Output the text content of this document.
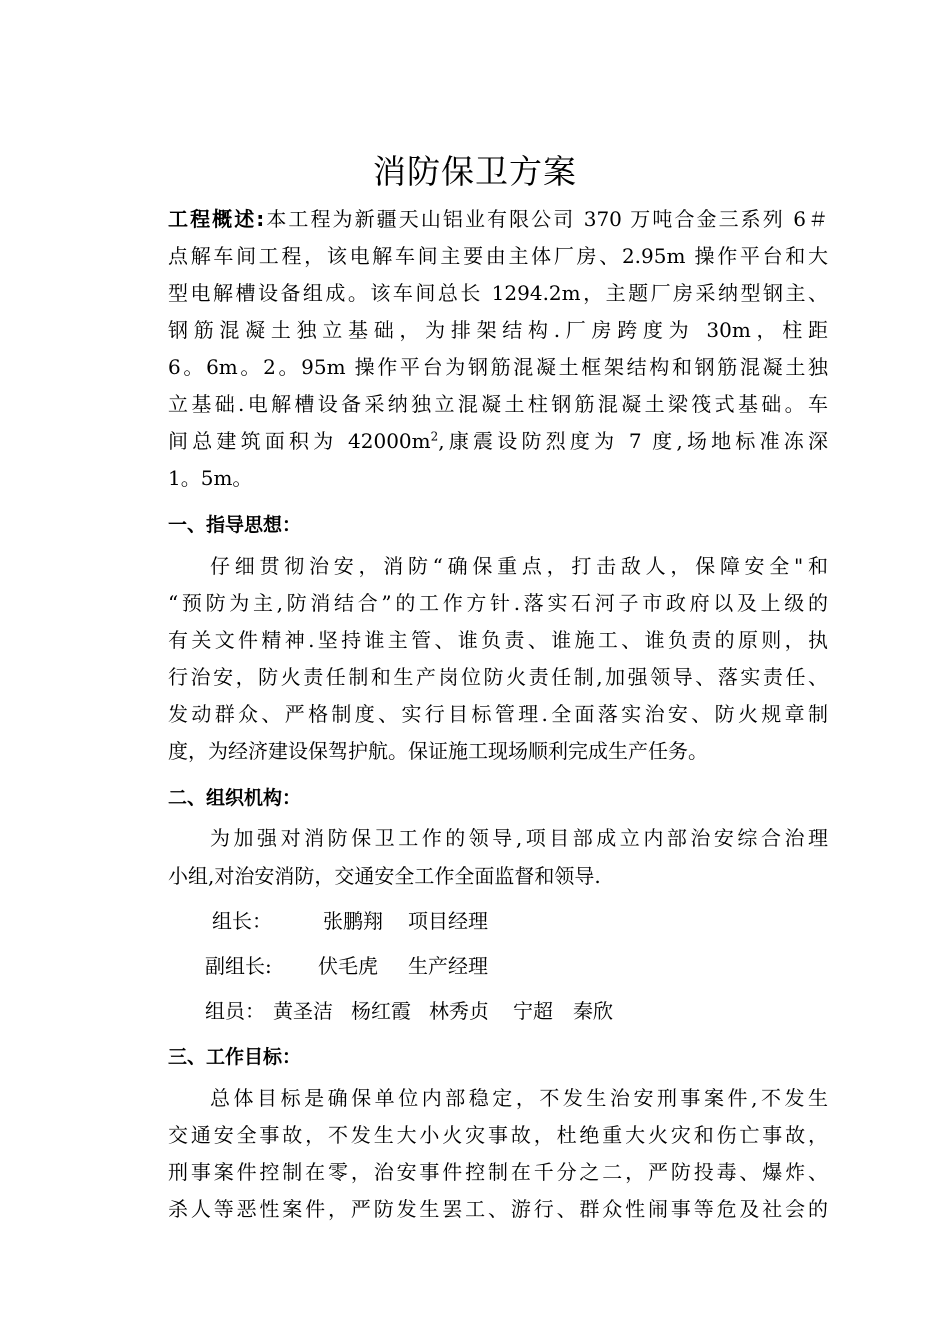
消防保卫方案
工程概述:本工程为新疆天山铝业有限公司 370 万吨合金三系列 6＃
点解车间工程，该电解车间主要由主体厂房、2.95m 操作平台和大
型电解槽设备组成。该车间总长 1294.2m，主题厂房采纳型钢主、
钢筋混凝土独立基础，为排架结构.厂房跨度为 30m，柱距
6。6m。2。95m 操作平台为钢筋混凝土框架结构和钢筋混凝土独
立基础.电解槽设备采纳独立混凝土柱钢筋混凝土梁筏式基础。车
间总建筑面积为 $42000m^2$,康震设防烈度为 7 度,场地标准冻深
1。5m。
一、指导思想：
仔细贯彻治安，消防“确保重点，打击敌人，保障安全"和
“预防为主,防消结合”的工作方针.落实石河子市政府以及上级的
有关文件精神.坚持谁主管、谁负责、谁施工、谁负责的原则，执
行治安，防火责任制和生产岗位防火责任制,加强领导、落实责任、
发动群众、严格制度、实行目标管理.全面落实治安、防火规章制
度，为经济建设保驾护航。保证施工现场顺利完成生产任务。
二、组织机构：
为加强对消防保卫工作的领导,项目部成立内部治安综合治理
小组,对治安消防，交通安全工作全面监督和领导.
组长：	张鹏翔 项目经理
副组长: 伏毛虎 生产经理
组员： 黄圣洁 杨红霞 林秀贞 宁超 秦欣
三、工作目标：
总体目标是确保单位内部稳定，不发生治安刑事案件,不发生
交通安全事故，不发生大小火灾事故，杜绝重大火灾和伤亡事故，
刑事案件控制在零，治安事件控制在千分之二，严防投毒、爆炸、
杀人等恶性案件，严防发生罢工、游行、群众性闹事等危及社会的
